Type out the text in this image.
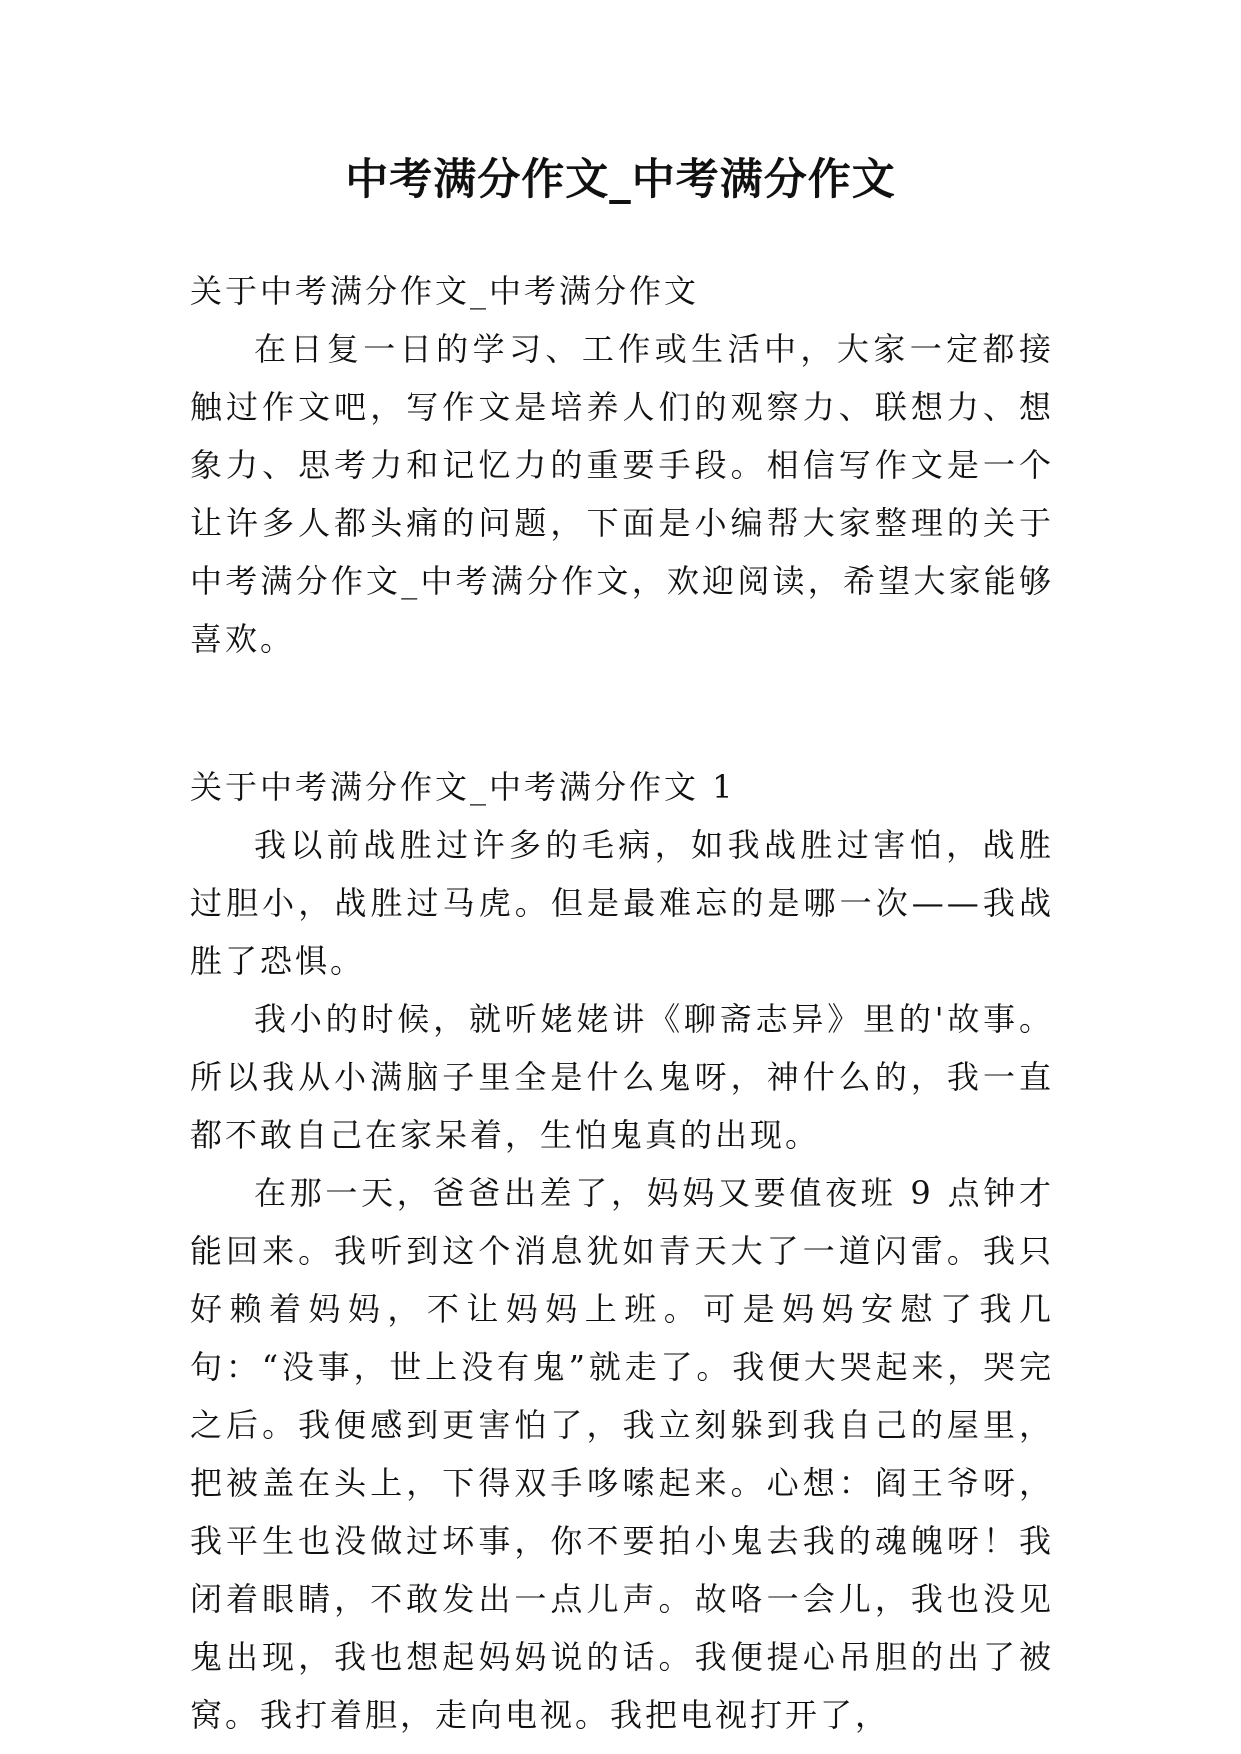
中考满分作文_中考满分作文

关于中考满分作文_中考满分作文

在日复一日的学习、工作或生活中，大家一定都接触过作文吧，写作文是培养人们的观察力、联想力、想象力、思考力和记忆力的重要手段。相信写作文是一个让许多人都头痛的问题，下面是小编帮大家整理的关于中考满分作文_中考满分作文，欢迎阅读，希望大家能够喜欢。

关于中考满分作文_中考满分作文 1

我以前战胜过许多的毛病，如我战胜过害怕，战胜过胆小，战胜过马虎。但是最难忘的是哪一次——我战胜了恐惧。

我小的时候，就听姥姥讲《聊斋志异》里的'故事。所以我从小满脑子里全是什么鬼呀，神什么的，我一直都不敢自己在家呆着，生怕鬼真的出现。

在那一天，爸爸出差了，妈妈又要值夜班 9 点钟才能回来。我听到这个消息犹如青天大了一道闪雷。我只好赖着妈妈，不让妈妈上班。可是妈妈安慰了我几句：“没事，世上没有鬼”就走了。我便大哭起来，哭完之后。我便感到更害怕了，我立刻躲到我自己的屋里，把被盖在头上，下得双手哆嗦起来。心想：阎王爷呀，我平生也没做过坏事，你不要拍小鬼去我的魂魄呀！我闭着眼睛，不敢发出一点儿声。故咯一会儿，我也没见鬼出现，我也想起妈妈说的话。我便提心吊胆的出了被窝。我打着胆，走向电视。我把电视打开了，
